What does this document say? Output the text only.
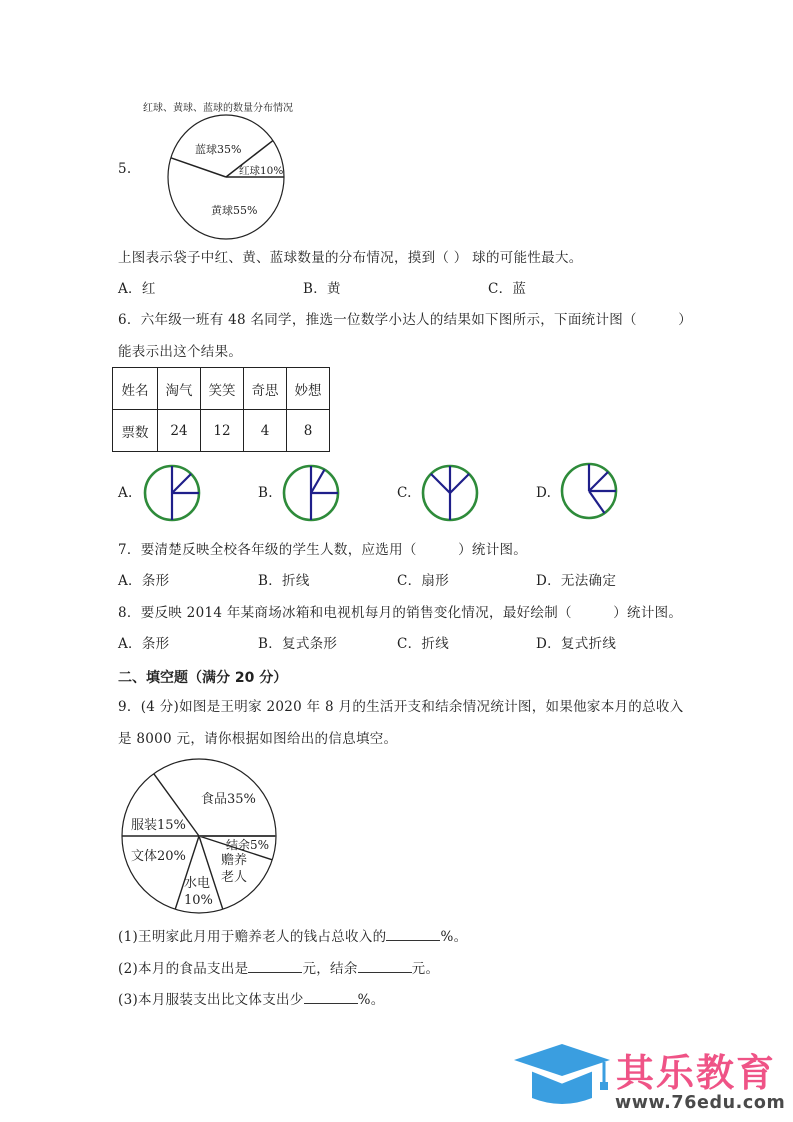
红球、黄球、蓝球的数量分布情况
5.
蓝球35%
红球10%
黄球55%
上图表示袋子中红、黄、蓝球数量的分布情况，摸到（ ） 球的可能性最大。
A．红	B．黄	C．蓝
6．六年级一班有 48 名同学，推选一位数学小达人的结果如下图所示，下面统计图（　　　）
能表示出这个结果。
姓名	淘气	笑笑	奇思	妙想
票数	24	12	4	8
A.	B.	C.	D.
7．要清楚反映全校各年级的学生人数，应选用（　　　）统计图。
A．条形	B．折线	C．扇形	D．无法确定
8．要反映 2014 年某商场冰箱和电视机每月的销售变化情况，最好绘制（　　　）统计图。
A．条形	B．复式条形	C．折线	D．复式折线
二、填空题（满分 20 分）
9．(4 分)如图是王明家 2020 年 8 月的生活开支和结余情况统计图，如果他家本月的总收入
是 8000 元，请你根据如图给出的信息填空。
食品35%
服装15%
文体20%
水电
10%
赡养
老人
结余5%
(1)王明家此月用于赡养老人的钱占总收入的	%。
(2)本月的食品支出是	元，结余	元。
(3)本月服装支出比文体支出少	%。
其乐教育
www.76edu.com
